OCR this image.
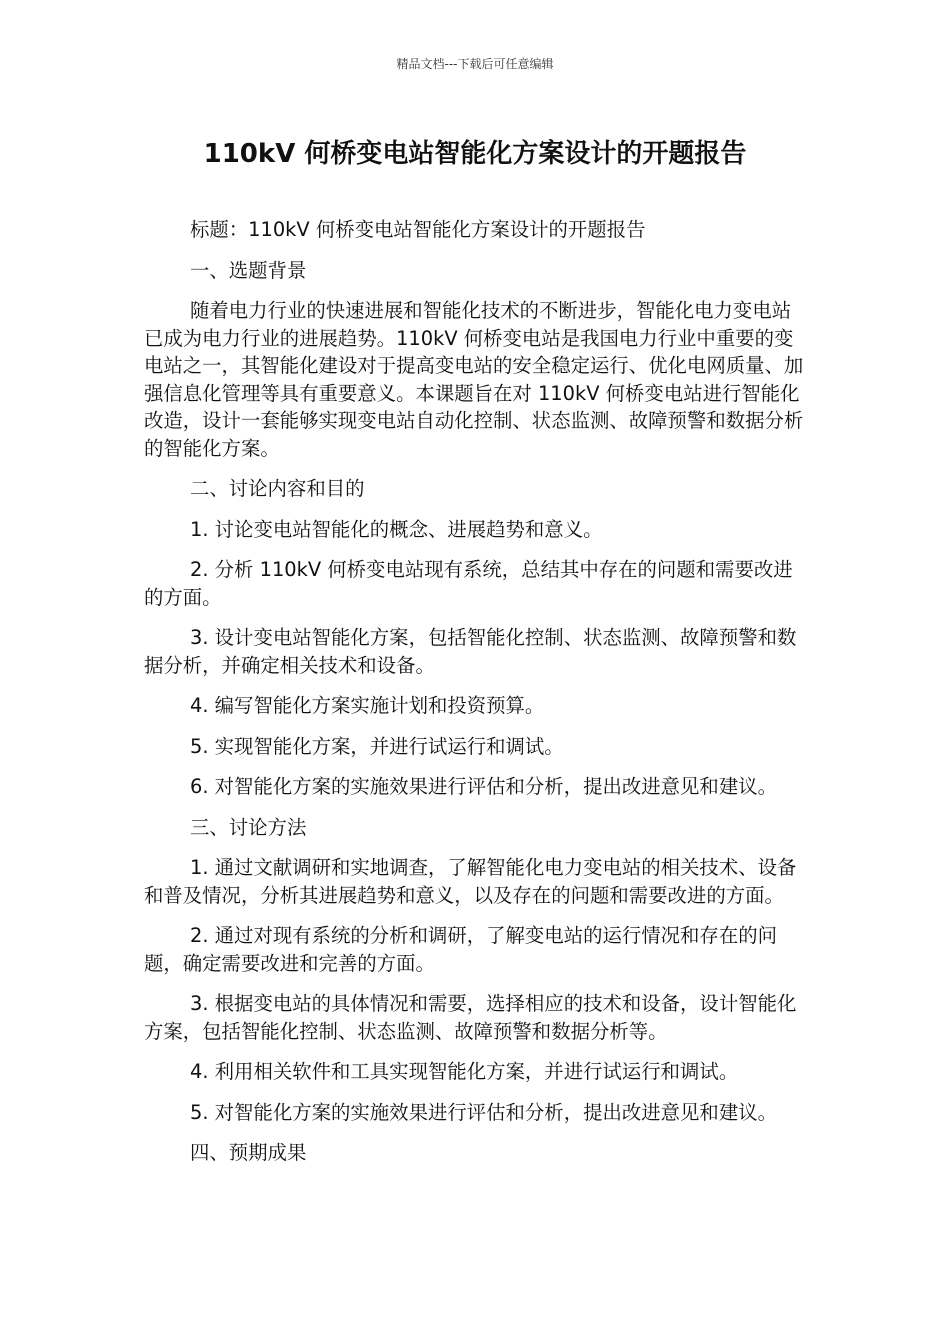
精品文档---下载后可任意编辑
110kV 何桥变电站智能化方案设计的开题报告

标题：110kV 何桥变电站智能化方案设计的开题报告

一、选题背景

随着电力行业的快速进展和智能化技术的不断进步，智能化电力变电站已成为电力行业的进展趋势。110kV 何桥变电站是我国电力行业中重要的变电站之一，其智能化建设对于提高变电站的安全稳定运行、优化电网质量、加强信息化管理等具有重要意义。本课题旨在对 110kV 何桥变电站进行智能化改造，设计一套能够实现变电站自动化控制、状态监测、故障预警和数据分析的智能化方案。

二、讨论内容和目的

1. 讨论变电站智能化的概念、进展趋势和意义。

2. 分析 110kV 何桥变电站现有系统，总结其中存在的问题和需要改进的方面。

3. 设计变电站智能化方案，包括智能化控制、状态监测、故障预警和数据分析，并确定相关技术和设备。

4. 编写智能化方案实施计划和投资预算。

5. 实现智能化方案，并进行试运行和调试。

6. 对智能化方案的实施效果进行评估和分析，提出改进意见和建议。

三、讨论方法

1. 通过文献调研和实地调查，了解智能化电力变电站的相关技术、设备和普及情况，分析其进展趋势和意义，以及存在的问题和需要改进的方面。

2. 通过对现有系统的分析和调研，了解变电站的运行情况和存在的问题，确定需要改进和完善的方面。

3. 根据变电站的具体情况和需要，选择相应的技术和设备，设计智能化方案，包括智能化控制、状态监测、故障预警和数据分析等。

4. 利用相关软件和工具实现智能化方案，并进行试运行和调试。

5. 对智能化方案的实施效果进行评估和分析，提出改进意见和建议。

四、预期成果
